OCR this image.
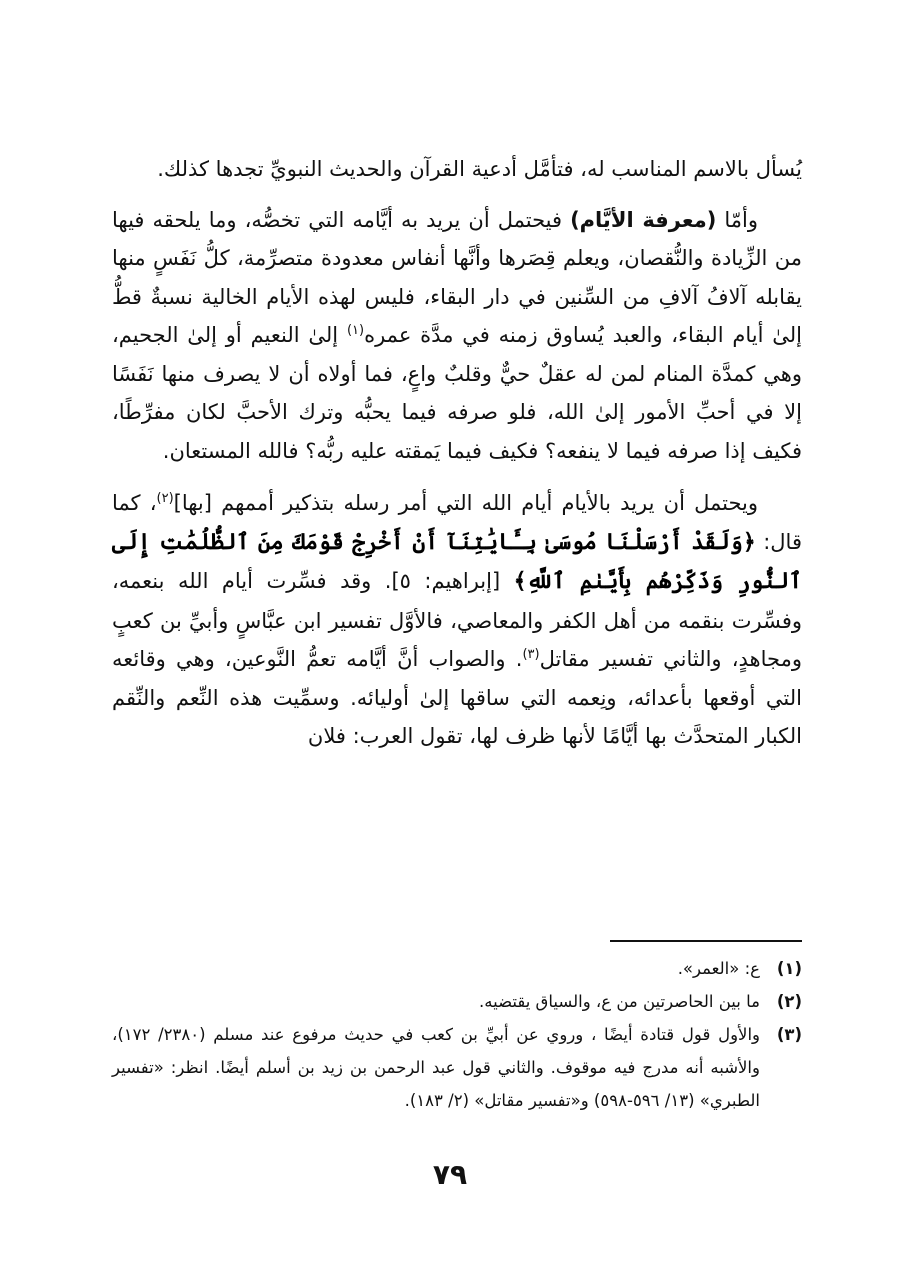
يُسأل بالاسم المناسب له، فتأمَّل أدعية القرآن والحديث النبويِّ تجدها كذلك.

وأمّا (معرفة الأيَّام) فيحتمل أن يريد به أيَّامه التي تخصُّه، وما يلحقه فيها من الزِّيادة والنُّقصان، ويعلم قِصَرها وأنَّها أنفاس معدودة متصرِّمة، كلُّ نَفَسٍ منها يقابله آلافُ آلافِ من السِّنين في دار البقاء، فليس لهذه الأيام الخالية نسبةٌ قطُّ إلىٰ أيام البقاء، والعبد يُساوق زمنه في مدَّة عمره$^{(١)}$ إلىٰ النعيم أو إلىٰ الجحيم، وهي كمدَّة المنام لمن له عقلٌ حيٌّ وقلبٌ واعٍ، فما أولاه أن لا يصرف منها نَفَسًا إلا في أحبِّ الأمور إلىٰ الله، فلو صرفه فيما يحبُّه وترك الأحبَّ لكان مفرِّطًا، فكيف إذا صرفه فيما لا ينفعه؟ فكيف فيما يَمقته عليه ربُّه؟ فالله المستعان.

ويحتمل أن يريد بالأيام أيام الله التي أمر رسله بتذكير أممهم [بها]$^{(٢)}$، كما قال: ﴿وَلَقَدْ أَرْسَلْنَا مُوسَىٰ بِـَٔايَٰتِنَآ أَنْ أَخْرِجْ قَوْمَكَ مِنَ ٱلظُّلُمَٰتِ إِلَى ٱلنُّورِ وَذَكِّرْهُم بِأَيَّىٰمِ ٱللَّهِ﴾ [إبراهيم: ٥]. وقد فسِّرت أيام الله بنعمه، وفسِّرت بنقمه من أهل الكفر والمعاصي، فالأوَّل تفسير ابن عبَّاسٍ وأبيِّ بن كعبٍ ومجاهدٍ، والثاني تفسير مقاتل$^{(٣)}$. والصواب أنَّ أيَّامه تعمُّ النَّوعين، وهي وقائعه التي أوقعها بأعدائه، ونِعمه التي ساقها إلىٰ أوليائه. وسمِّيت هذه النِّعم والنِّقم الكبار المتحدَّث بها أيَّامًا لأنها ظرف لها، تقول العرب: فلان

(١)
ع: «العمر».
(٢)
ما بين الحاصرتين من ع، والسياق يقتضيه.
(٣)
والأول قول قتادة أيضًا ، وروي عن أبيِّ بن كعب في حديث مرفوع عند مسلم (٢٣٨٠/ ١٧٢)، والأشبه أنه مدرج فيه موقوف. والثاني قول عبد الرحمن بن زيد بن أسلم أيضًا. انظر: «تفسير الطبري» (١٣/ ٥٩٦-٥٩٨) و«تفسير مقاتل» (٢/ ١٨٣).
٧٩
